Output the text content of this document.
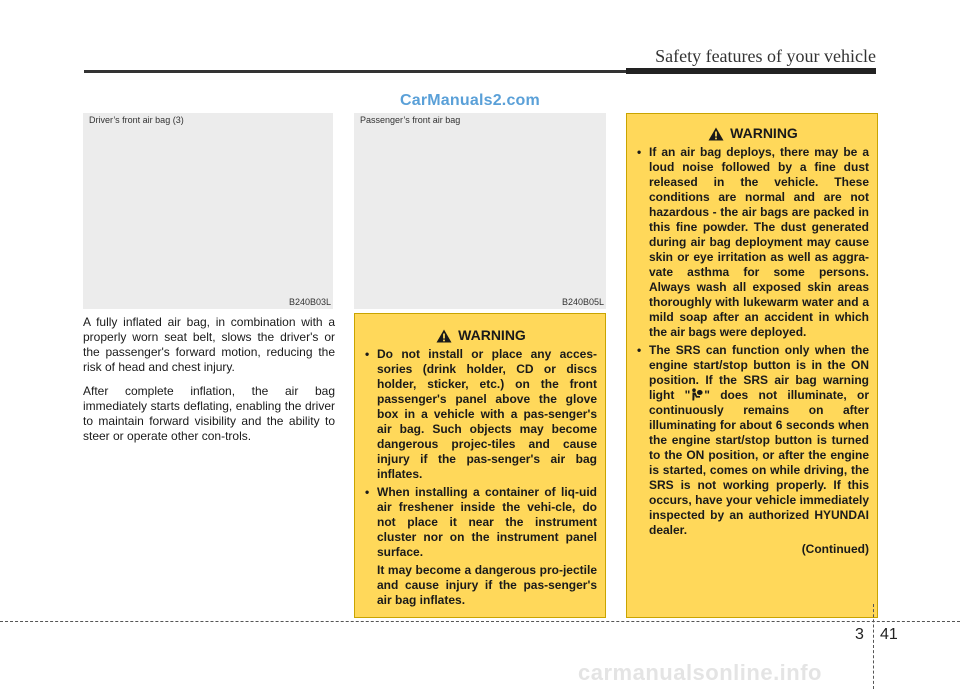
Safety features of your vehicle
CarManuals2.com
Driver’s front air bag (3)
B240B03L
Passenger’s front air bag
B240B05L

A fully inflated air bag, in combination with a properly worn seat belt, slows the driver's or the passenger's forward motion, reducing the risk of head and chest injury.

After complete inflation, the air bag immediately starts deflating, enabling the driver to maintain forward visibility and the ability to steer or operate other con-trols.

WARNING
• Do not install or place any acces-sories (drink holder, CD or discs holder, sticker, etc.) on the front passenger's panel above the glove box in a vehicle with a pas-senger's air bag. Such objects may become dangerous projec-tiles and cause injury if the pas-senger's air bag inflates.
• When installing a container of liq-uid air freshener inside the vehi-cle, do not place it near the instrument cluster nor on the instrument panel surface.
It may become a dangerous pro-jectile and cause injury if the pas-senger's air bag inflates.
WARNING
• If an air bag deploys, there may be a loud noise followed by a fine dust released in the vehicle. These conditions are normal and are not hazardous - the air bags are packed in this fine powder. The dust generated during air bag deployment may cause skin or eye irritation as well as aggra-vate asthma for some persons. Always wash all exposed skin areas thoroughly with lukewarm water and a mild soap after an accident in which the air bags were deployed.
• The SRS can function only when the engine start/stop button is in the ON position. If the SRS air bag warning light " " does not illuminate, or continuously remains on after illuminating for about 6 seconds when the engine start/stop button is turned to the ON position, or after the engine is started, comes on while driving, the SRS is not working properly. If this occurs, have your vehicle immediately inspected by an authorized HYUNDAI dealer.
(Continued)
3 41
carmanualsonline.info
